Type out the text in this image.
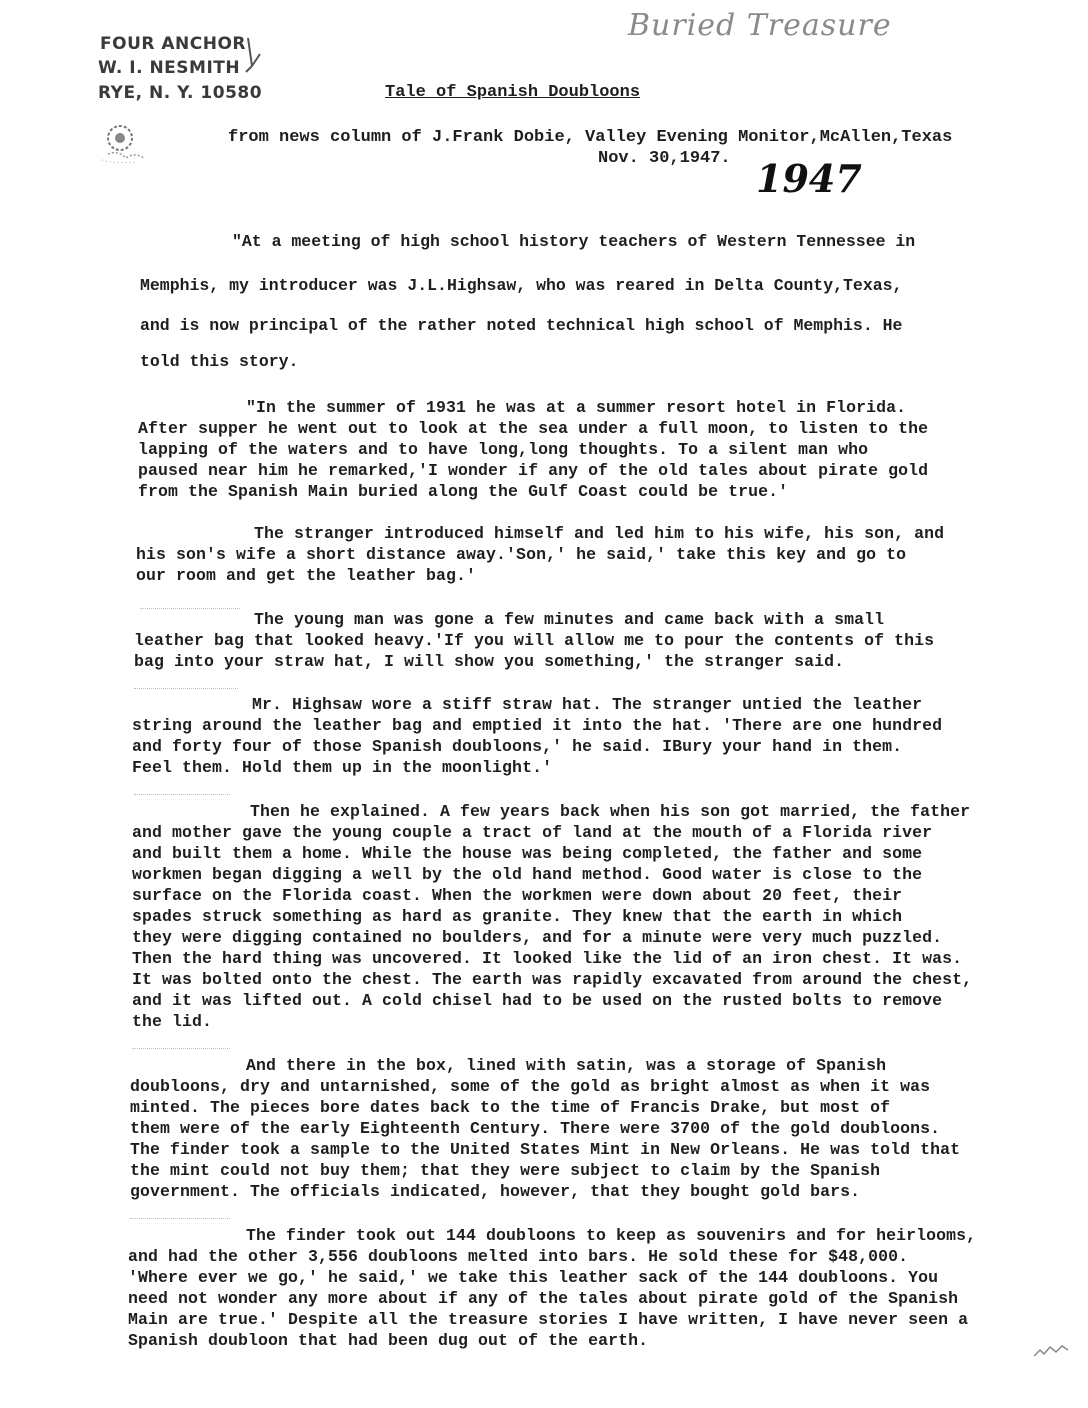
FOUR ANCHOR
W. I. NESMITH
RYE, N. Y. 10580
Buried Treasure
Tale of Spanish Doubloons
from news column of J.Frank Dobie, Valley Evening Monitor,McAllen,Texas
Nov. 30,1947. 1947
"At a meeting of high school history teachers of Western Tennessee in
Memphis, my introducer was J.L.Highsaw, who was reared in Delta County,Texas,
and is now principal of the rather noted technical high school of Memphis. He
told this story.
"In the summer of 1931 he was at a summer resort hotel in Florida.
After supper he went out to look at the sea under a full moon, to listen to the
lapping of the waters and to have long,long thoughts. To a silent man who
paused near him he remarked,'I wonder if any of the old tales about pirate gold
from the Spanish Main buried along the Gulf Coast could be true.'
The stranger introduced himself and led him to his wife, his son, and
his son's wife a short distance away.'Son,' he said,' take this key and go to
our room and get the leather bag.'
The young man was gone a few minutes and came back with a small
leather bag that looked heavy.'If you will allow me to pour the contents of this
bag into your straw hat, I will show you something,' the stranger said.
Mr. Highsaw wore a stiff straw hat. The stranger untied the leather
string around the leather bag and emptied it into the hat. 'There are one hundred
and forty four of those Spanish doubloons,' he said. IBury your hand in them.
Feel them. Hold them up in the moonlight.'
Then he explained. A few years back when his son got married, the father
and mother gave the young couple a tract of land at the mouth of a Florida river
and built them a home. While the house was being completed, the father and some
workmen began digging a well by the old hand method. Good water is close to the
surface on the Florida coast. When the workmen were down about 20 feet, their
spades struck something as hard as granite. They knew that the earth in which
they were digging contained no boulders, and for a minute were very much puzzled.
Then the hard thing was uncovered. It looked like the lid of an iron chest. It was.
It was bolted onto the chest. The earth was rapidly excavated from around the chest,
and it was lifted out. A cold chisel had to be used on the rusted bolts to remove
the lid.
And there in the box, lined with satin, was a storage of Spanish
doubloons, dry and untarnished, some of the gold as bright almost as when it was
minted. The pieces bore dates back to the time of Francis Drake, but most of
them were of the early Eighteenth Century. There were 3700 of the gold doubloons.
The finder took a sample to the United States Mint in New Orleans. He was told that
the mint could not buy them; that they were subject to claim by the Spanish
government. The officials indicated, however, that they bought gold bars.
The finder took out 144 doubloons to keep as souvenirs and for heirlooms,
and had the other 3,556 doubloons melted into bars. He sold these for $48,000.
'Where ever we go,' he said,' we take this leather sack of the 144 doubloons. You
need not wonder any more about if any of the tales about pirate gold of the Spanish
Main are true.' Despite all the treasure stories I have written, I have never seen a
Spanish doubloon that had been dug out of the earth.
